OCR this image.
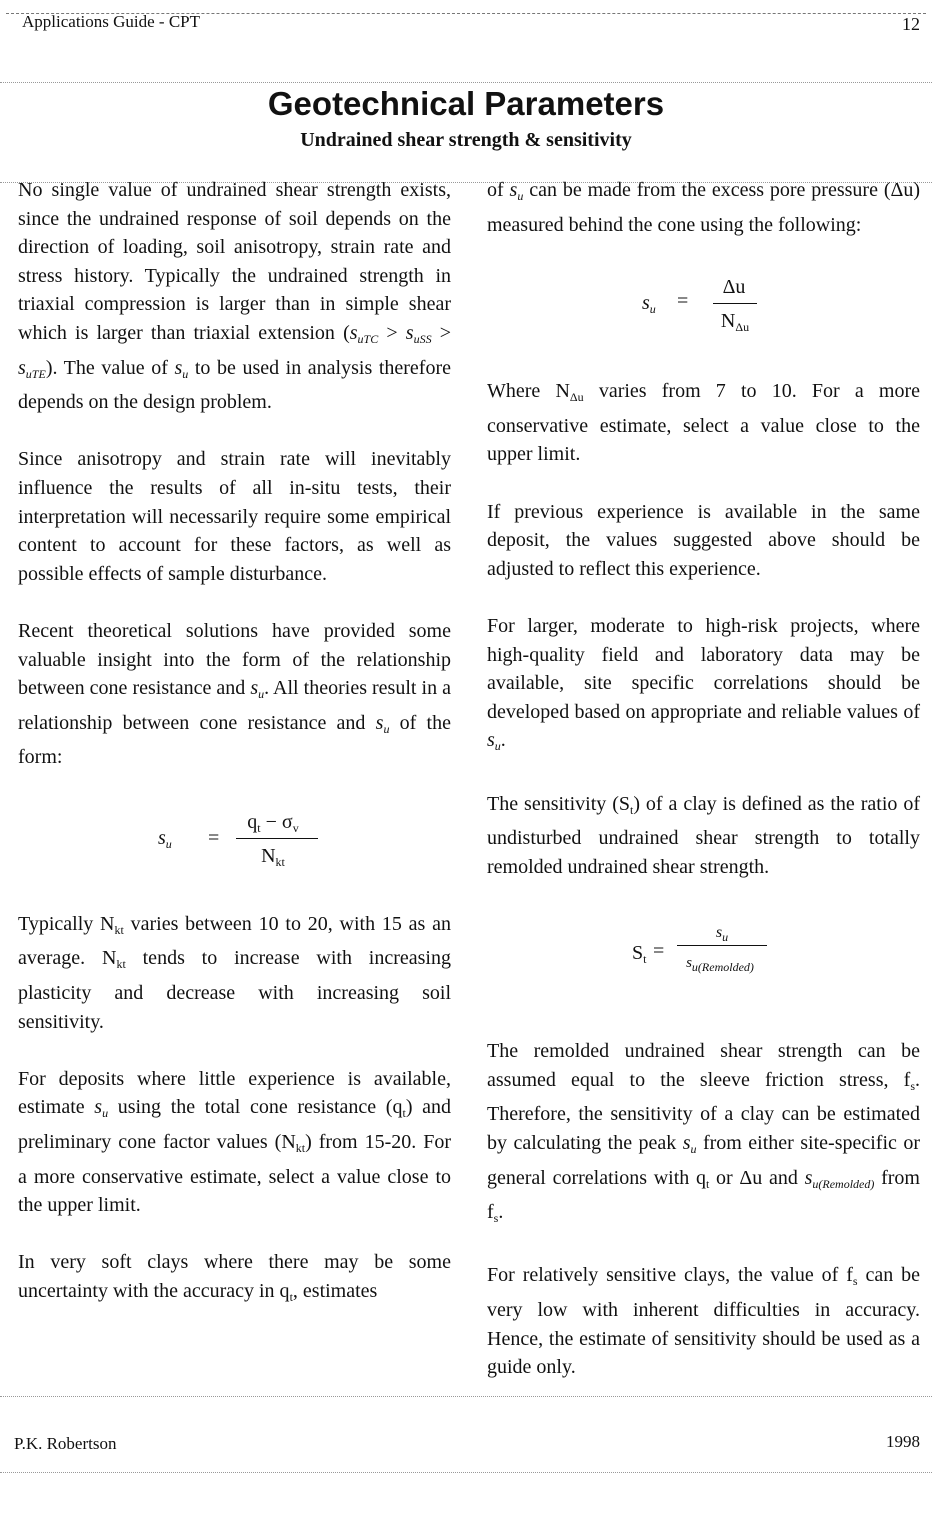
Applications Guide - CPT	12
Geotechnical Parameters
Undrained shear strength & sensitivity

No single value of undrained shear strength exists, since the undrained response of soil depends on the direction of loading, soil anisotropy, strain rate and stress history. Typically the undrained strength in triaxial compression is larger than in simple shear which is larger than triaxial extension $(s_{uTC} > s_{uSS} > s_{uTE})$. The value of $s_u$ to be used in analysis therefore depends on the design problem.

Since anisotropy and strain rate will inevitably influence the results of all in-situ tests, their interpretation will necessarily require some empirical content to account for these factors, as well as possible effects of sample disturbance.

Recent theoretical solutions have provided some valuable insight into the form of the relationship between cone resistance and $s_u$. All theories result in a relationship between cone resistance and $s_u$ of the form:

$s_u$ =
$q_t - \sigma_v$
$N_{kt}$

Typically $N_{kt}$ varies between 10 to 20, with 15 as an average. $N_{kt}$ tends to increase with increasing plasticity and decrease with increasing soil sensitivity.

For deposits where little experience is available, estimate $s_u$ using the total cone resistance $(q_t)$ and preliminary cone factor values $(N_{kt})$ from 15-20. For a more conservative estimate, select a value close to the upper limit.

In very soft clays where there may be some uncertainty with the accuracy in $q_t$, estimates

of $s_u$ can be made from the excess pore pressure (Δu) measured behind the cone using the following:

$s_u$ =
Δu
$N_{\Delta u}$

Where $N_{\Delta u}$ varies from 7 to 10. For a more conservative estimate, select a value close to the upper limit.

If previous experience is available in the same deposit, the values suggested above should be adjusted to reflect this experience.

For larger, moderate to high-risk projects, where high-quality field and laboratory data may be available, site specific correlations should be developed based on appropriate and reliable values of $s_u$.

The sensitivity $(S_t)$ of a clay is defined as the ratio of undisturbed undrained shear strength to totally remolded undrained shear strength.

$S_t$ =
$s_u$
$s_{u(Remolded)}$

The remolded undrained shear strength can be assumed equal to the sleeve friction stress, $f_s$. Therefore, the sensitivity of a clay can be estimated by calculating the peak $s_u$ from either site-specific or general correlations with $q_t$ or Δu and $s_{u(Remolded)}$ from $f_s$.

For relatively sensitive clays, the value of $f_s$ can be very low with inherent difficulties in accuracy. Hence, the estimate of sensitivity should be used as a guide only.

P.K. Robertson	1998
